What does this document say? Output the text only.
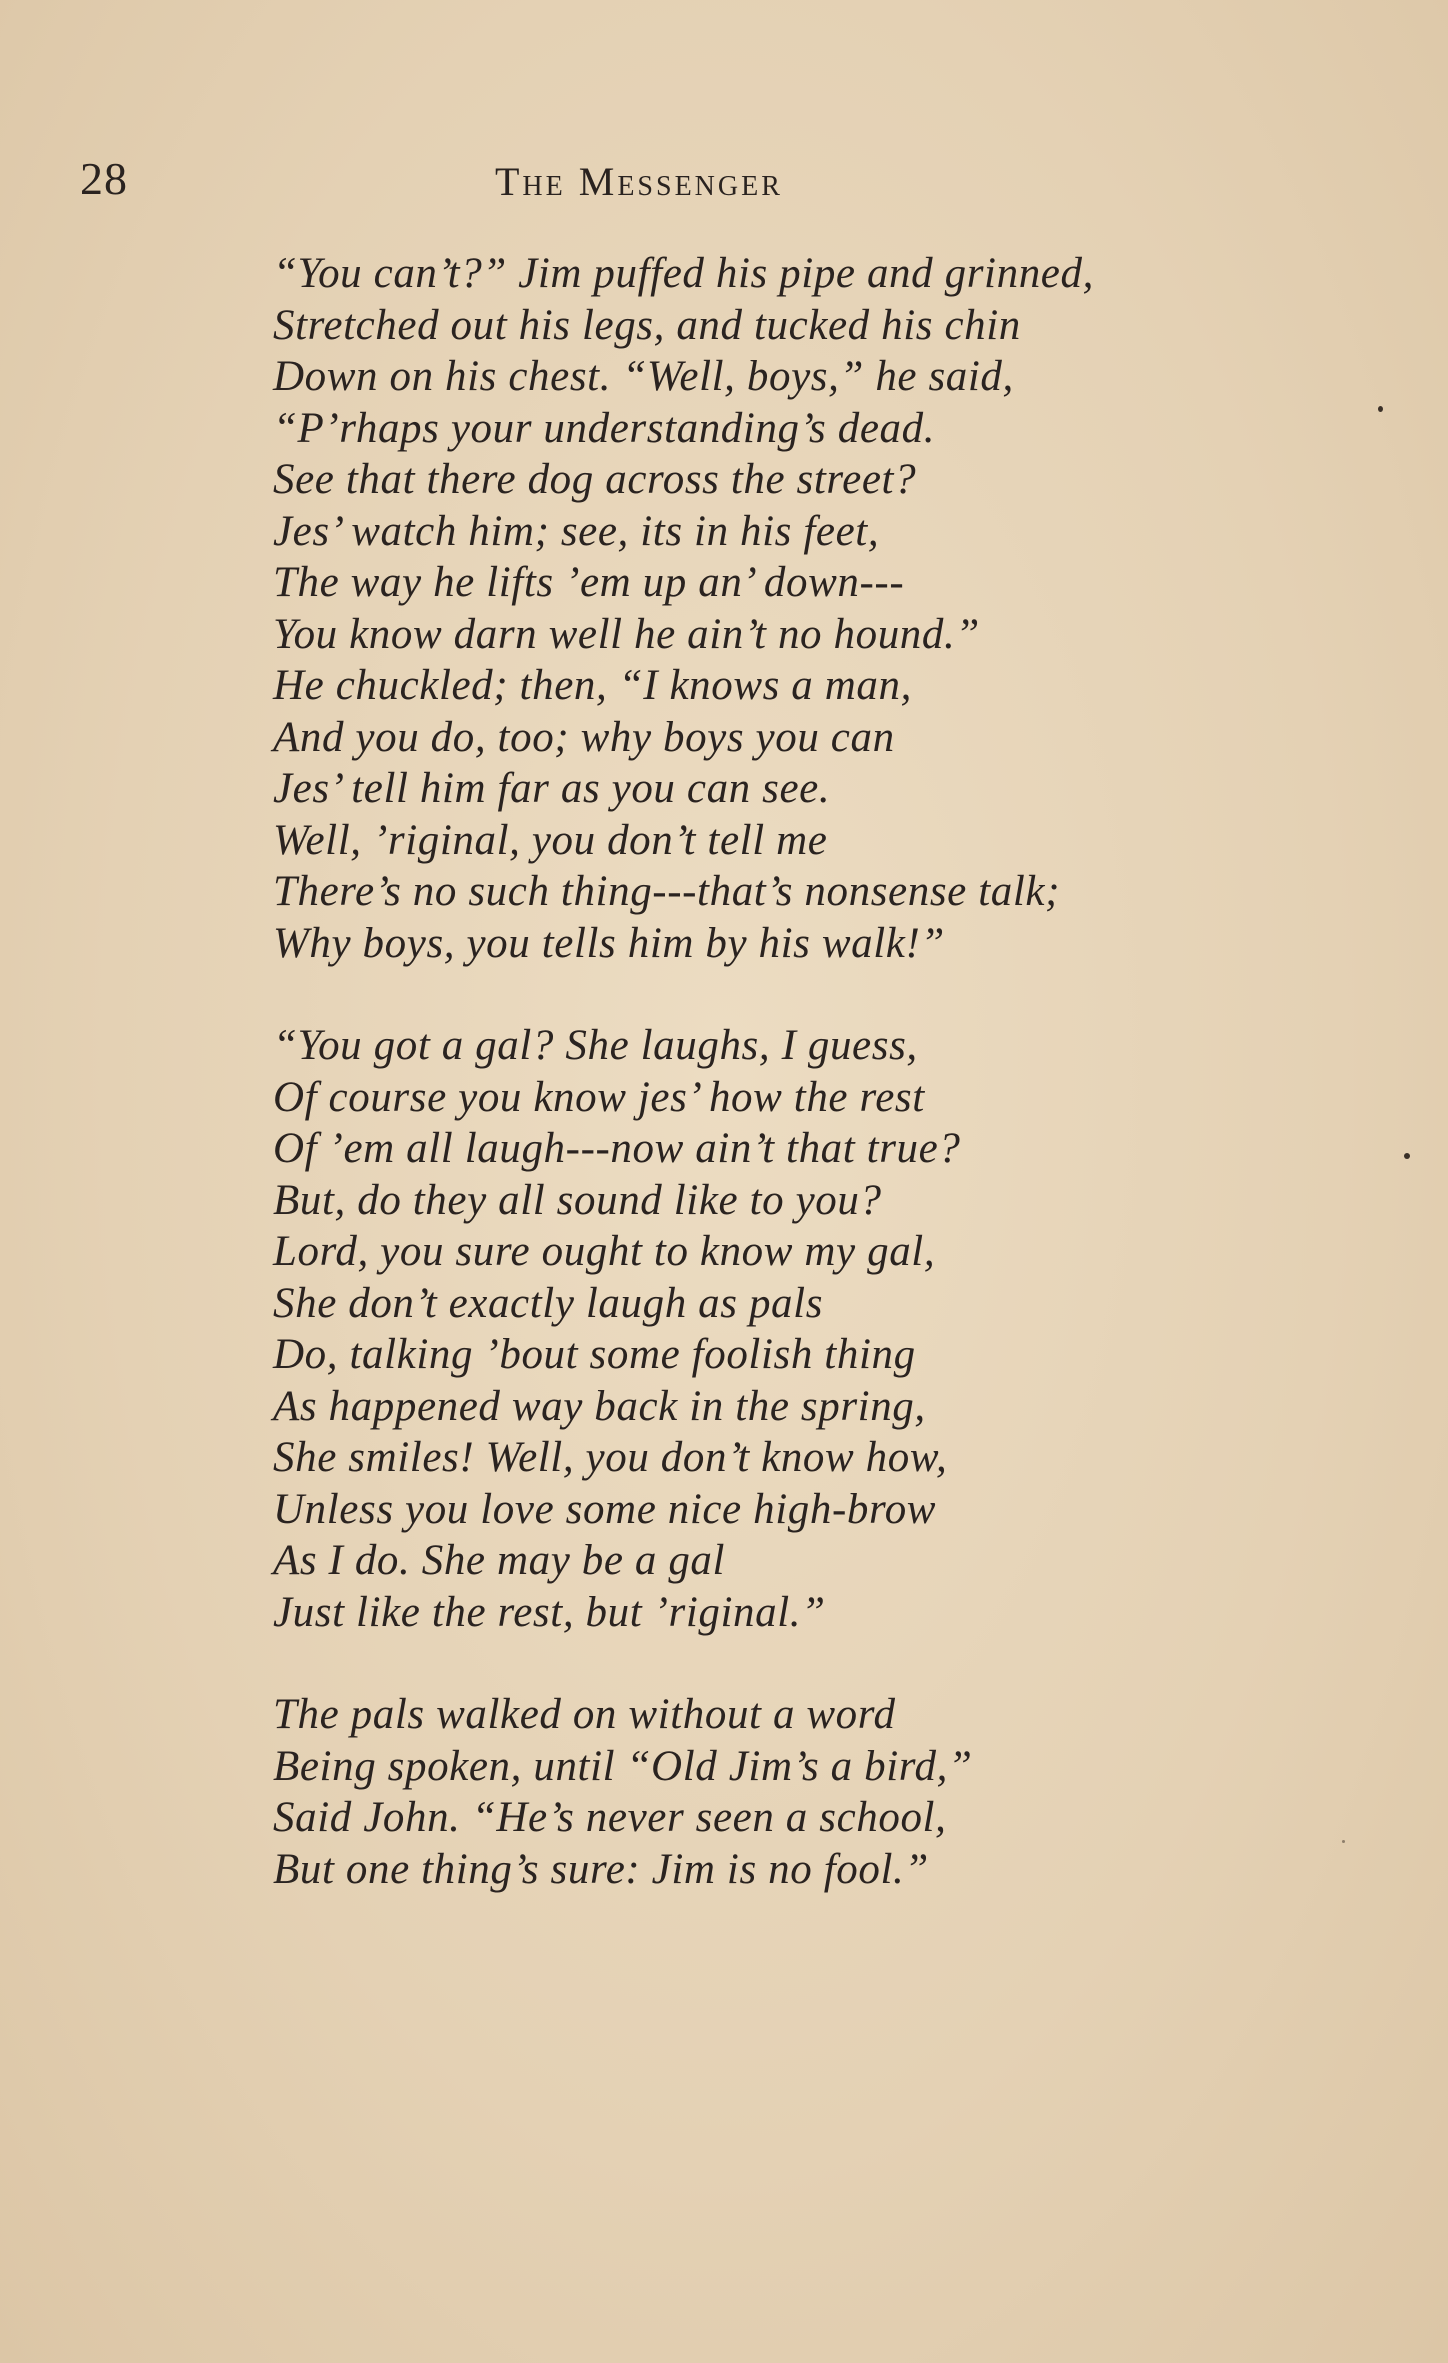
28	The Messenger
“You can’t?” Jim puffed his pipe and grinned,
Stretched out his legs, and tucked his chin
Down on his chest. “Well, boys,” he said,
“P’rhaps your understanding’s dead.
See that there dog across the street?
Jes’ watch him; see, its in his feet,
The way he lifts ’em up an’ down---
You know darn well he ain’t no hound.”
He chuckled; then, “I knows a man,
And you do, too; why boys you can
Jes’ tell him far as you can see.
Well, ’riginal, you don’t tell me
There’s no such thing---that’s nonsense talk;
Why boys, you tells him by his walk!”
“You got a gal? She laughs, I guess,
Of course you know jes’ how the rest
Of ’em all laugh---now ain’t that true?
But, do they all sound like to you?
Lord, you sure ought to know my gal,
She don’t exactly laugh as pals
Do, talking ’bout some foolish thing
As happened way back in the spring,
She smiles! Well, you don’t know how,
Unless you love some nice high-brow
As I do. She may be a gal
Just like the rest, but ’riginal.”
The pals walked on without a word
Being spoken, until “Old Jim’s a bird,”
Said John. “He’s never seen a school,
But one thing’s sure: Jim is no fool.”
